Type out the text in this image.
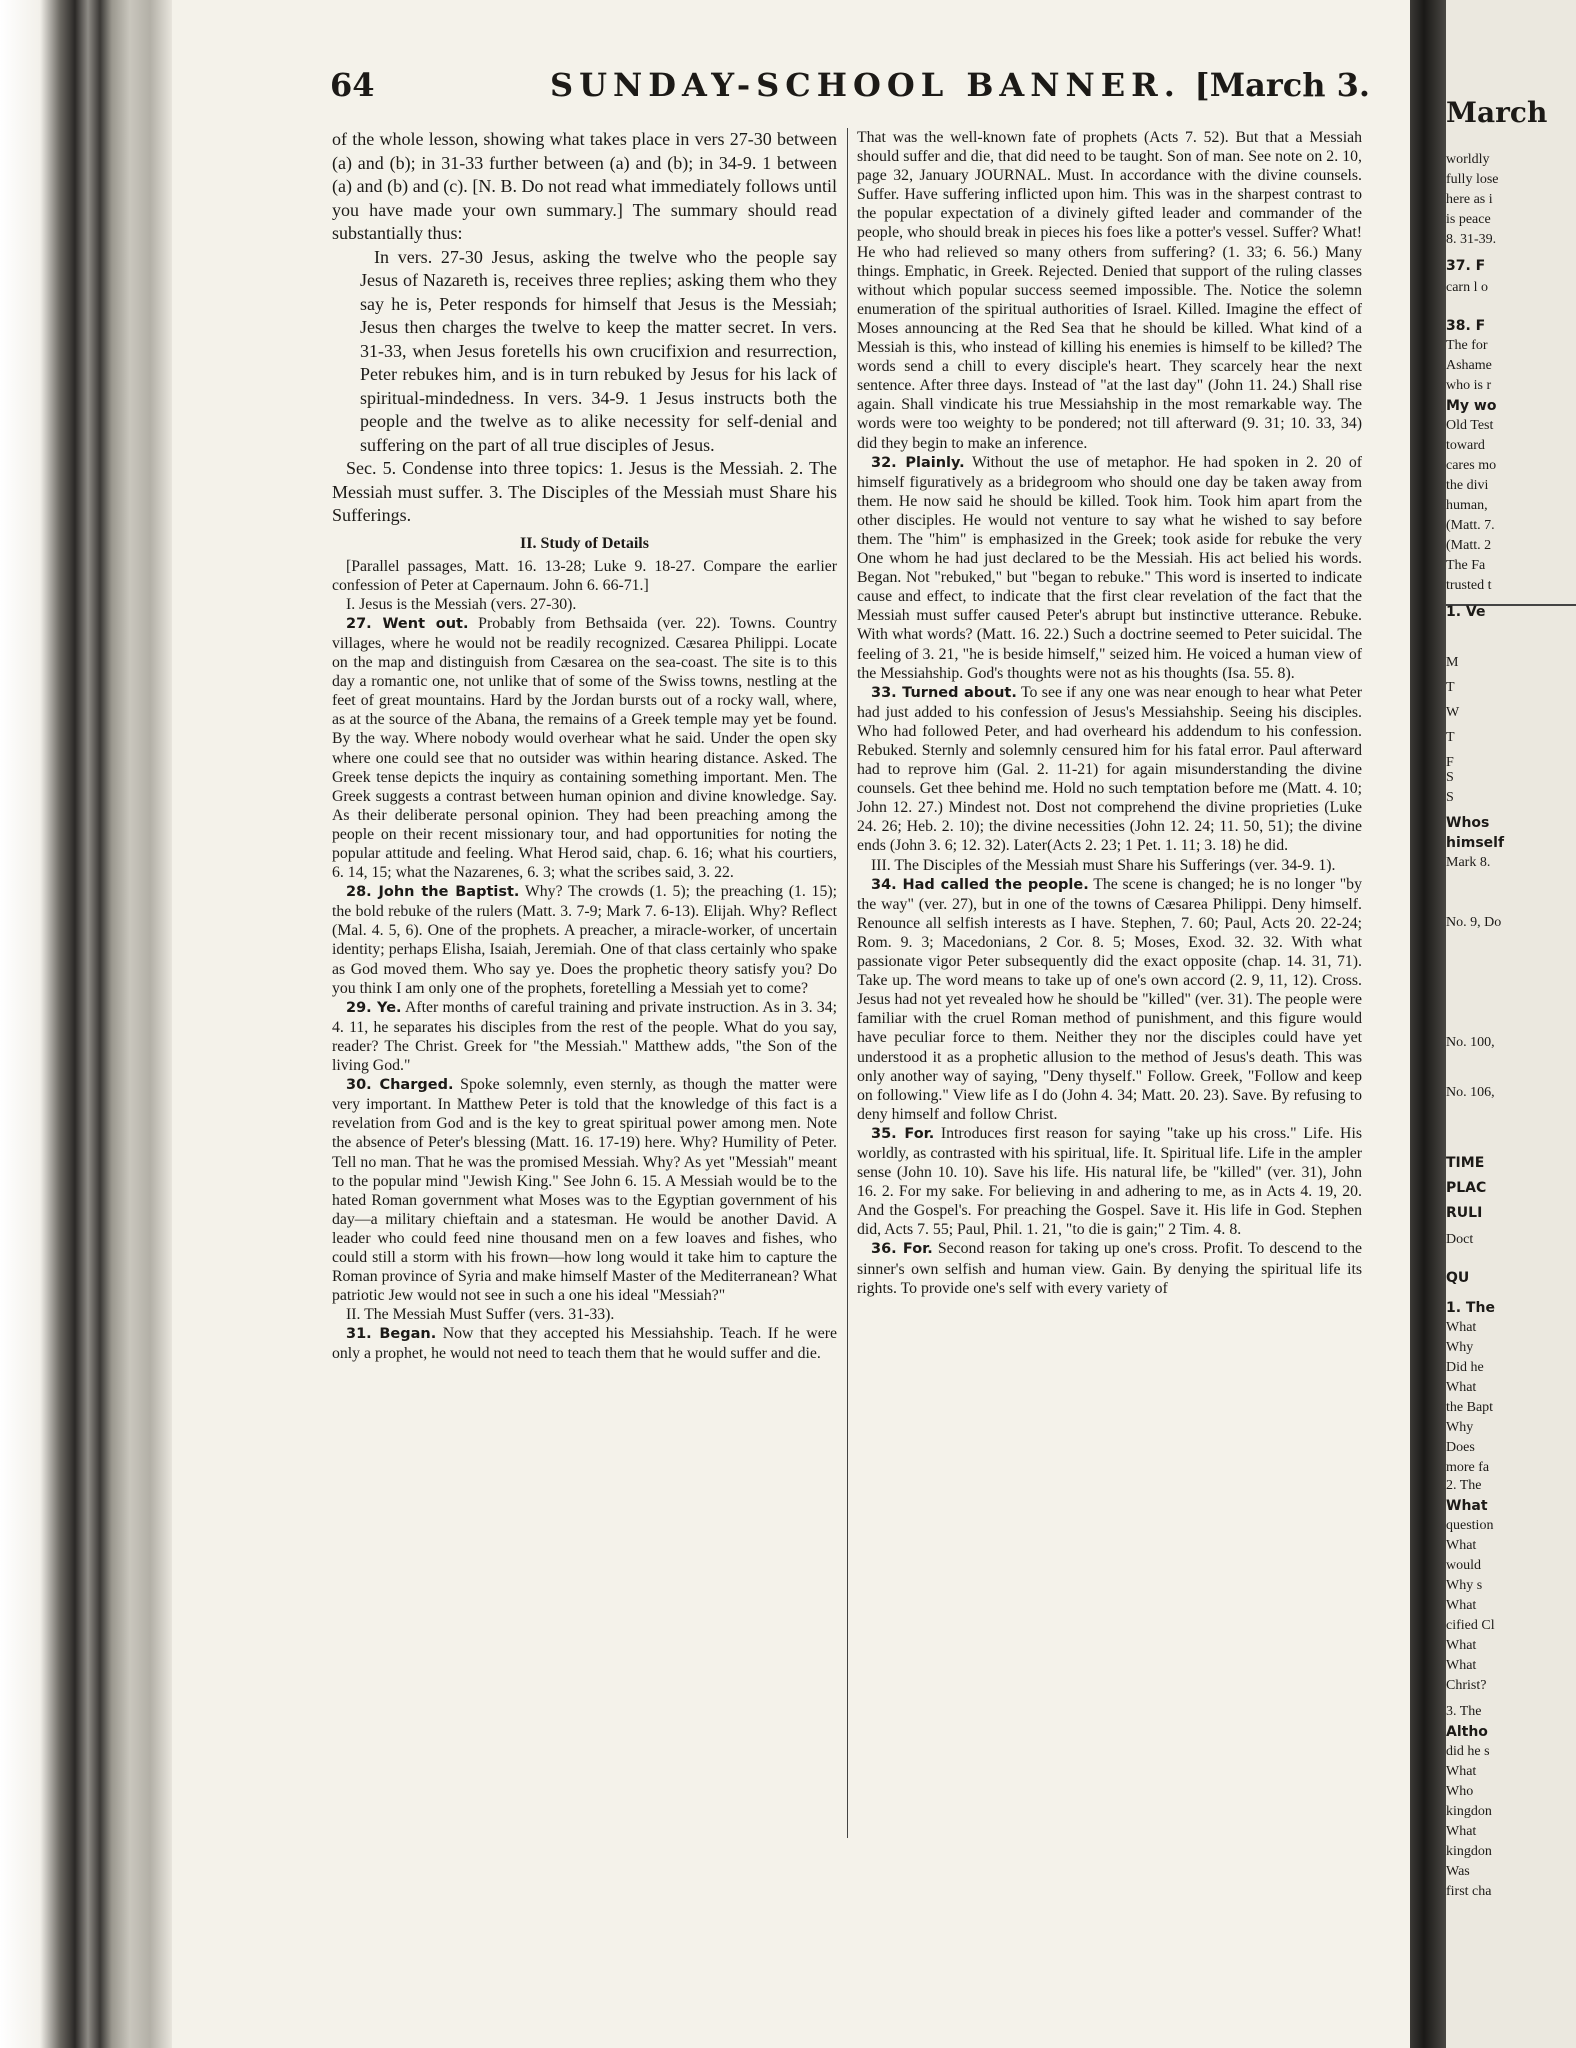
64	SUNDAY-SCHOOL BANNER. [March 3.

of the whole lesson, showing what takes place in vers 27-30 between (a) and (b); in 31-33 further between (a) and (b); in 34-9. 1 between (a) and (b) and (c). [N. B. Do not read what immediately follows until you have made your own summary.] The summary should read substantially thus:

In vers. 27-30 Jesus, asking the twelve who the people say Jesus of Nazareth is, receives three replies; asking them who they say he is, Peter responds for himself that Jesus is the Messiah; Jesus then charges the twelve to keep the matter secret. In vers. 31-33, when Jesus foretells his own crucifixion and resurrection, Peter rebukes him, and is in turn rebuked by Jesus for his lack of spiritual-mindedness. In vers. 34-9. 1 Jesus instructs both the people and the twelve as to alike necessity for self-denial and suffering on the part of all true disciples of Jesus.

Sec. 5. Condense into three topics: 1. Jesus is the Messiah. 2. The Messiah must suffer. 3. The Disciples of the Messiah must Share his Sufferings.

II. Study of Details

[Parallel passages, Matt. 16. 13-28; Luke 9. 18-27. Compare the earlier confession of Peter at Capernaum. John 6. 66-71.]

I. Jesus is the Messiah (vers. 27-30).

27. Went out. Probably from Bethsaida (ver. 22). Towns. Country villages, where he would not be readily recognized. Cæsarea Philippi. Locate on the map and distinguish from Cæsarea on the sea-coast. The site is to this day a romantic one, not unlike that of some of the Swiss towns, nestling at the feet of great mountains. Hard by the Jordan bursts out of a rocky wall, where, as at the source of the Abana, the remains of a Greek temple may yet be found. By the way. Where nobody would overhear what he said. Under the open sky where one could see that no outsider was within hearing distance. Asked. The Greek tense depicts the inquiry as containing something important. Men. The Greek suggests a contrast between human opinion and divine knowledge. Say. As their deliberate personal opinion. They had been preaching among the people on their recent missionary tour, and had opportunities for noting the popular attitude and feeling. What Herod said, chap. 6. 16; what his courtiers, 6. 14, 15; what the Nazarenes, 6. 3; what the scribes said, 3. 22.

28. John the Baptist. Why? The crowds (1. 5); the preaching (1. 15); the bold rebuke of the rulers (Matt. 3. 7-9; Mark 7. 6-13). Elijah. Why? Reflect (Mal. 4. 5, 6). One of the prophets. A preacher, a miracle-worker, of uncertain identity; perhaps Elisha, Isaiah, Jeremiah. One of that class certainly who spake as God moved them. Who say ye. Does the prophetic theory satisfy you? Do you think I am only one of the prophets, foretelling a Messiah yet to come?

29. Ye. After months of careful training and private instruction. As in 3. 34; 4. 11, he separates his disciples from the rest of the people. What do you say, reader? The Christ. Greek for "the Messiah." Matthew adds, "the Son of the living God."

30. Charged. Spoke solemnly, even sternly, as though the matter were very important. In Matthew Peter is told that the knowledge of this fact is a revelation from God and is the key to great spiritual power among men. Note the absence of Peter's blessing (Matt. 16. 17-19) here. Why? Humility of Peter. Tell no man. That he was the promised Messiah. Why? As yet "Messiah" meant to the popular mind "Jewish King." See John 6. 15. A Messiah would be to the hated Roman government what Moses was to the Egyptian government of his day—a military chieftain and a statesman. He would be another David. A leader who could feed nine thousand men on a few loaves and fishes, who could still a storm with his frown—how long would it take him to capture the Roman province of Syria and make himself Master of the Mediterranean? What patriotic Jew would not see in such a one his ideal "Messiah?"

II. The Messiah Must Suffer (vers. 31-33).

31. Began. Now that they accepted his Messiahship. Teach. If he were only a prophet, he would not need to teach them that he would suffer and die.

That was the well-known fate of prophets (Acts 7. 52). But that a Messiah should suffer and die, that did need to be taught. Son of man. See note on 2. 10, page 32, January JOURNAL. Must. In accordance with the divine counsels. Suffer. Have suffering inflicted upon him. This was in the sharpest contrast to the popular expectation of a divinely gifted leader and commander of the people, who should break in pieces his foes like a potter's vessel. Suffer? What! He who had relieved so many others from suffering? (1. 33; 6. 56.) Many things. Emphatic, in Greek. Rejected. Denied that support of the ruling classes without which popular success seemed impossible. The. Notice the solemn enumeration of the spiritual authorities of Israel. Killed. Imagine the effect of Moses announcing at the Red Sea that he should be killed. What kind of a Messiah is this, who instead of killing his enemies is himself to be killed? The words send a chill to every disciple's heart. They scarcely hear the next sentence. After three days. Instead of "at the last day" (John 11. 24.) Shall rise again. Shall vindicate his true Messiahship in the most remarkable way. The words were too weighty to be pondered; not till afterward (9. 31; 10. 33, 34) did they begin to make an inference.

32. Plainly. Without the use of metaphor. He had spoken in 2. 20 of himself figuratively as a bridegroom who should one day be taken away from them. He now said he should be killed. Took him. Took him apart from the other disciples. He would not venture to say what he wished to say before them. The "him" is emphasized in the Greek; took aside for rebuke the very One whom he had just declared to be the Messiah. His act belied his words. Began. Not "rebuked," but "began to rebuke." This word is inserted to indicate cause and effect, to indicate that the first clear revelation of the fact that the Messiah must suffer caused Peter's abrupt but instinctive utterance. Rebuke. With what words? (Matt. 16. 22.) Such a doctrine seemed to Peter suicidal. The feeling of 3. 21, "he is beside himself," seized him. He voiced a human view of the Messiahship. God's thoughts were not as his thoughts (Isa. 55. 8).

33. Turned about. To see if any one was near enough to hear what Peter had just added to his confession of Jesus's Messiahship. Seeing his disciples. Who had followed Peter, and had overheard his addendum to his confession. Rebuked. Sternly and solemnly censured him for his fatal error. Paul afterward had to reprove him (Gal. 2. 11-21) for again misunderstanding the divine counsels. Get thee behind me. Hold no such temptation before me (Matt. 4. 10; John 12. 27.) Mindest not. Dost not comprehend the divine proprieties (Luke 24. 26; Heb. 2. 10); the divine necessities (John 12. 24; 11. 50, 51); the divine ends (John 3. 6; 12. 32). Later(Acts 2. 23; 1 Pet. 1. 11; 3. 18) he did.

III. The Disciples of the Messiah must Share his Sufferings (ver. 34-9. 1).

34. Had called the people. The scene is changed; he is no longer "by the way" (ver. 27), but in one of the towns of Cæsarea Philippi. Deny himself. Renounce all selfish interests as I have. Stephen, 7. 60; Paul, Acts 20. 22-24; Rom. 9. 3; Macedonians, 2 Cor. 8. 5; Moses, Exod. 32. 32. With what passionate vigor Peter subsequently did the exact opposite (chap. 14. 31, 71). Take up. The word means to take up of one's own accord (2. 9, 11, 12). Cross. Jesus had not yet revealed how he should be "killed" (ver. 31). The people were familiar with the cruel Roman method of punishment, and this figure would have peculiar force to them. Neither they nor the disciples could have yet understood it as a prophetic allusion to the method of Jesus's death. This was only another way of saying, "Deny thyself." Follow. Greek, "Follow and keep on following." View life as I do (John 4. 34; Matt. 20. 23). Save. By refusing to deny himself and follow Christ.

35. For. Introduces first reason for saying "take up his cross." Life. His worldly, as contrasted with his spiritual, life. It. Spiritual life. Life in the ampler sense (John 10. 10). Save his life. His natural life, be "killed" (ver. 31), John 16. 2. For my sake. For believing in and adhering to me, as in Acts 4. 19, 20. And the Gospel's. For preaching the Gospel. Save it. His life in God. Stephen did, Acts 7. 55; Paul, Phil. 1. 21, "to die is gain;" 2 Tim. 4. 8.

36. For. Second reason for taking up one's cross. Profit. To descend to the sinner's own selfish and human view. Gain. By denying the spiritual life its rights. To provide one's self with every variety of

March
worldly
fully lose
here as i
is peace
8. 31-39.
37. F
carn l o
38. F
The for
Ashame
who is r
My wo
Old Test
toward
cares mo
the divi
human,
(Matt. 7.
(Matt. 2
The Fa
trusted t
1. Ve
M
T
W
T
F
S
S
Whos
himself
Mark 8.
No. 9, Do
No. 100,
No. 106,
TIME
PLAC
RULI
Doct
QU
1. The
What
Why
Did he
What
the Bapt
Why
Does
more fa
2. The
What
question
What
would
Why s
What
cified Cl
What
What
Christ?
3. The
Altho
did he s
What
Who
kingdon
What
kingdon
Was
first cha
